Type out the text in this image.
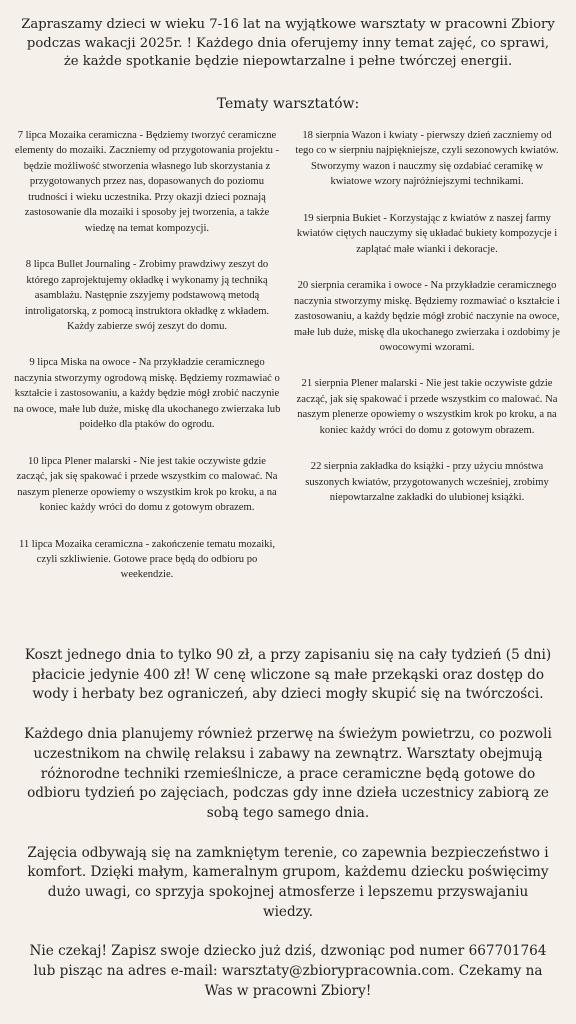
Zapraszamy dzieci w wieku 7-16 lat na wyjątkowe warsztaty w pracowni Zbiory podczas wakacji 2025r. ! Każdego dnia oferujemy inny temat zajęć, co sprawi, że każde spotkanie będzie niepowtarzalne i pełne twórczej energii.
Tematy warsztatów:

7 lipca Mozaika ceramiczna - Będziemy tworzyć ceramiczne elementy do mozaiki. Zaczniemy od przygotowania projektu - będzie możliwość stworzenia własnego lub skorzystania z przygotowanych przez nas, dopasowanych do poziomu trudności i wieku uczestnika. Przy okazji dzieci poznają zastosowanie dla mozaiki i sposoby jej tworzenia, a także wiedzę na temat kompozycji.

8 lipca Bullet Journaling - Zrobimy prawdziwy zeszyt do którego zaprojektujemy okładkę i wykonamy ją techniką asamblażu. Następnie zszyjemy podstawową metodą introligatorską, z pomocą instruktora okładkę z wkładem. Każdy zabierze swój zeszyt do domu.

9 lipca Miska na owoce - Na przykładzie ceramicznego naczynia stworzymy ogrodową miskę. Będziemy rozmawiać o kształcie i zastosowaniu, a każdy będzie mógł zrobić naczynie na owoce, małe lub duże, miskę dla ukochanego zwierzaka lub poidełko dla ptaków do ogrodu.

10 lipca Plener malarski - Nie jest takie oczywiste gdzie zacząć, jak się spakować i przede wszystkim co malować. Na naszym plenerze opowiemy o wszystkim krok po kroku, a na koniec każdy wróci do domu z gotowym obrazem.

11 lipca Mozaika ceramiczna - zakończenie tematu mozaiki, czyli szkliwienie. Gotowe prace będą do odbioru po weekendzie.

18 sierpnia Wazon i kwiaty - pierwszy dzień zaczniemy od tego co w sierpniu najpiękniejsze, czyli sezonowych kwiatów. Stworzymy wazon i nauczmy się ozdabiać ceramikę w kwiatowe wzory najróżniejszymi technikami.

19 sierpnia Bukiet - Korzystając z kwiatów z naszej farmy kwiatów ciętych nauczymy się układać bukiety kompozycje i zaplątać małe wianki i dekoracje.

20 sierpnia ceramika i owoce - Na przykładzie ceramicznego naczynia stworzymy miskę. Będziemy rozmawiać o kształcie i zastosowaniu, a każdy będzie mógł zrobić naczynie na owoce, małe lub duże, miskę dla ukochanego zwierzaka i ozdobimy je owocowymi wzorami.

21 sierpnia Plener malarski - Nie jest takie oczywiste gdzie zacząć, jak się spakować i przede wszystkim co malować. Na naszym plenerze opowiemy o wszystkim krok po kroku, a na koniec każdy wróci do domu z gotowym obrazem.

22 sierpnia zakładka do książki - przy użyciu mnóstwa suszonych kwiatów, przygotowanych wcześniej, zrobimy niepowtarzalne zakładki do ulubionej książki.

Koszt jednego dnia to tylko 90 zł, a przy zapisaniu się na cały tydzień (5 dni) płacicie jedynie 400 zł! W cenę wliczone są małe przekąski oraz dostęp do wody i herbaty bez ograniczeń, aby dzieci mogły skupić się na twórczości.

Każdego dnia planujemy również przerwę na świeżym powietrzu, co pozwoli uczestnikom na chwilę relaksu i zabawy na zewnątrz. Warsztaty obejmują różnorodne techniki rzemieślnicze, a prace ceramiczne będą gotowe do odbioru tydzień po zajęciach, podczas gdy inne dzieła uczestnicy zabiorą ze sobą tego samego dnia.

Zajęcia odbywają się na zamkniętym terenie, co zapewnia bezpieczeństwo i komfort. Dzięki małym, kameralnym grupom, każdemu dziecku poświęcimy dużo uwagi, co sprzyja spokojnej atmosferze i lepszemu przyswajaniu wiedzy.

Nie czekaj! Zapisz swoje dziecko już dziś, dzwoniąc pod numer 667701764 lub pisząc na adres e-mail: warsztaty@zbiorypracownia.com. Czekamy na Was w pracowni Zbiory!
